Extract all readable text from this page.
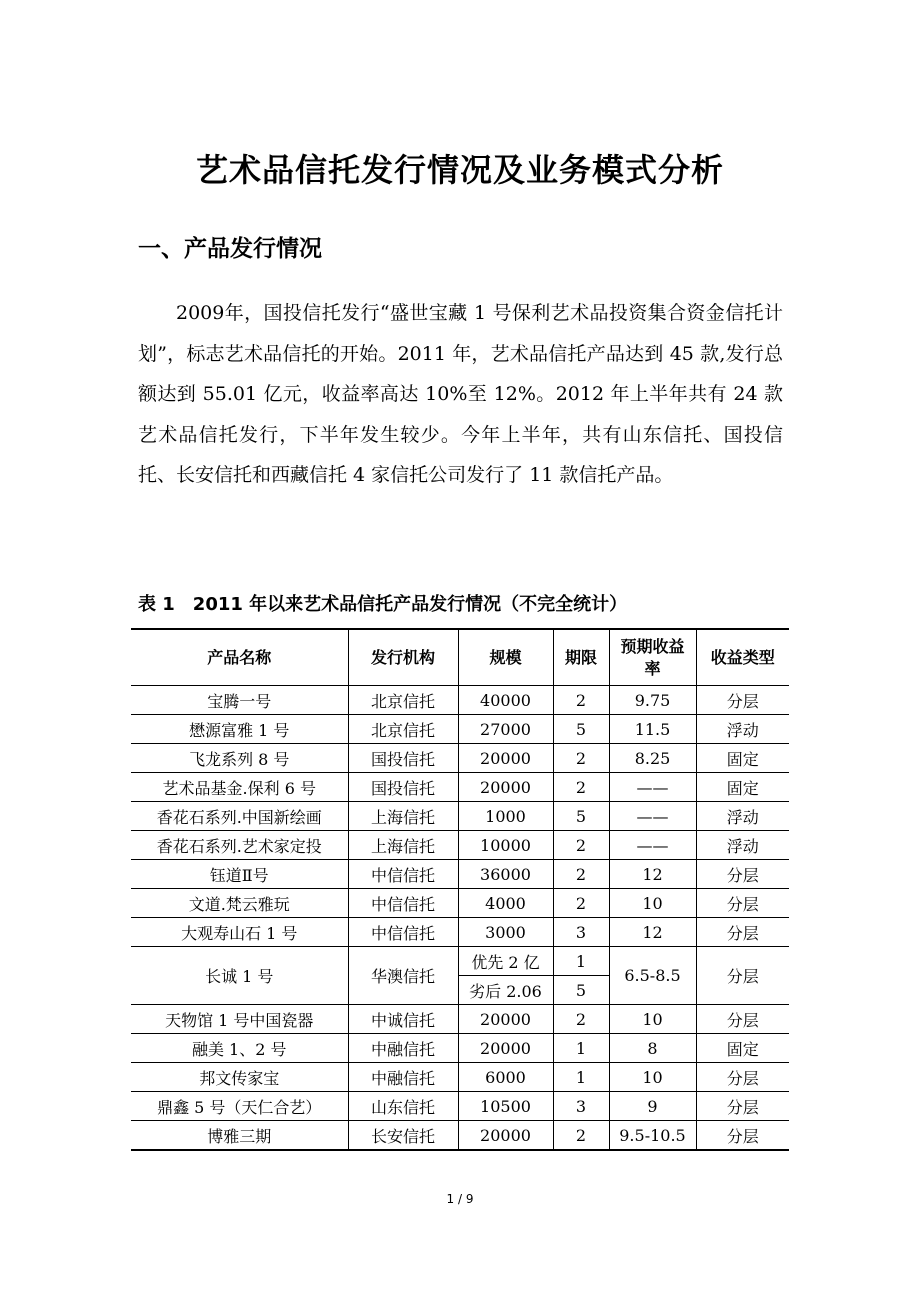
艺术品信托发行情况及业务模式分析
一、产品发行情况

2009年，国投信托发行“盛世宝藏 1 号保利艺术品投资集合资金信托计划”，标志艺术品信托的开始。2011 年，艺术品信托产品达到 45 款,发行总额达到 55.01 亿元，收益率高达 10%至 12%。2012 年上半年共有 24 款艺术品信托发行，下半年发生较少。今年上半年，共有山东信托、国投信托、长安信托和西藏信托 4 家信托公司发行了 11 款信托产品。

表 1　2011 年以来艺术品信托产品发行情况（不完全统计）
产品名称	发行机构	规模	期限	预期收益率	收益类型
宝腾一号	北京信托	40000	2	9.75	分层
懋源富雅 1 号	北京信托	27000	5	11.5	浮动
飞龙系列 8 号	国投信托	20000	2	8.25	固定
艺术品基金.保利 6 号	国投信托	20000	2	——	固定
香花石系列.中国新绘画	上海信托	1000	5	——	浮动
香花石系列.艺术家定投	上海信托	10000	2	——	浮动
钰道Ⅱ号	中信信托	36000	2	12	分层
文道.梵云雅玩	中信信托	4000	2	10	分层
大观寿山石 1 号	中信信托	3000	3	12	分层
长诚 1 号	华澳信托	优先 2 亿	1	6.5-8.5	分层
		劣后 2.06	5		
天物馆 1 号中国瓷器	中诚信托	20000	2	10	分层
融美 1、2 号	中融信托	20000	1	8	固定
邦文传家宝	中融信托	6000	1	10	分层
鼎鑫 5 号（天仁合艺）	山东信托	10500	3	9	分层
博雅三期	长安信托	20000	2	9.5-10.5	分层
1 / 9
